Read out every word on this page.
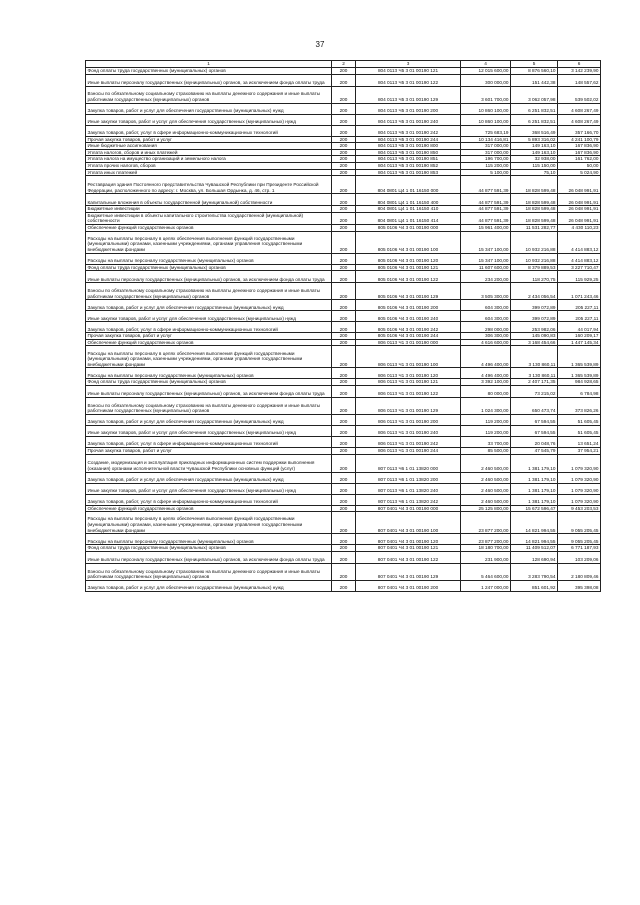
37
1	2	3	4	5	6
Фонд оплаты труда государственных (муниципальных) органов	200	804 0113 Ч5 3 01 00190 121	12 015 600,00	8 876 560,10	3 142 239,90
Иные выплаты персоналу государственных (муниципальных) органов, за исключением фонда оплаты труда	200	804 0113 Ч5 3 01 00190 122	300 000,00	151 442,38	148 557,62
Взносы по обязательному социальному страхованию на выплаты денежного содержания и иные выплаты работникам государственных (муниципальных) органов	200	804 0113 Ч5 3 01 00190 129	3 601 700,00	3 062 057,98	539 502,02
Закупка товаров, работ и услуг для обеспечения государственных (муниципальных) нужд	200	804 0113 Ч5 3 01 00190 200	10 860 100,00	6 251 832,51	4 608 267,49
Иные закупки товаров, работ и услуг для обеспечения государственных (муниципальных) нужд	200	804 0113 Ч5 3 01 00190 240	10 860 100,00	6 251 832,51	4 608 267,49
Закупка товаров, работ, услуг в сфере информационно-коммуникационных технологий	200	804 0113 Ч5 3 01 00190 242	725 683,19	368 516,49	357 166,70
Прочая закупка товаров, работ и услуг	200	804 0113 Ч5 3 01 00190 244	10 134 416,81	5 893 316,02	4 241 100,79
Иные бюджетные ассигнования	200	804 0113 Ч5 3 01 00190 800	317 000,00	149 163,10	167 836,90
Уплата налогов, сборов и иных платежей	200	804 0113 Ч5 3 01 00190 850	317 000,00	149 163,10	167 836,90
Уплата налога на имущество организаций и земельного налога	200	804 0113 Ч5 3 01 00190 851	196 700,00	32 938,00	161 762,00
Уплата прочих налогов, сборов	200	804 0113 Ч5 3 01 00190 852	115 200,00	115 150,00	50,00
Уплата иных платежей	200	804 0113 Ч5 3 01 00190 853	5 100,00	75,10	5 024,90
Реставрация здания Постоянного представительства Чувашской Республики при Президенте Российской Федерации, расположенного по адресу: г. Москва, ул. Большая Ордынка, д. 46, стр. 1	200	804 0801 Ц4 1 01 16150 000	44 877 591,39	18 828 599,48	26 048 991,91
Капитальные вложения в объекты государственной (муниципальной) собственности	200	804 0801 Ц4 1 01 16150 400	44 877 591,39	18 828 599,48	26 048 991,91
Бюджетные инвестиции	200	804 0801 Ц4 1 01 16150 410	44 877 591,39	18 828 599,48	26 048 991,91
Бюджетные инвестиции в объекты капитального строительства государственной (муниципальной) собственности	200	804 0801 Ц4 1 01 16150 414	44 877 591,39	18 828 599,48	26 048 991,91
Обеспечение функций государственных органов	200	805 0106 Ч4 3 01 00190 000	15 961 400,00	11 531 282,77	4 430 110,23
Расходы на выплаты персоналу в целях обеспечения выполнения функций государственными (муниципальными) органами, казенными учреждениями, органами управления государственными внебюджетными фондами	200	805 0106 Ч4 3 01 00190 100	15 347 100,00	10 932 216,88	4 414 883,12
Расходы на выплаты персоналу государственных (муниципальных) органов	200	805 0106 Ч4 3 01 00190 120	15 347 100,00	10 932 216,88	4 414 883,12
Фонд оплаты труда государственных (муниципальных) органов	200	805 0106 Ч4 3 01 00190 121	11 607 600,00	8 379 889,53	3 227 710,47
Иные выплаты персоналу государственных (муниципальных) органов, за исключением фонда оплаты труда	200	805 0106 Ч4 3 01 00190 122	234 200,00	118 270,75	115 929,25
Взносы по обязательному социальному страхованию на выплаты денежного содержания и иные выплаты работникам государственных (муниципальных) органов	200	805 0106 Ч4 3 01 00190 129	3 505 300,00	2 434 056,54	1 071 243,46
Закупка товаров, работ и услуг для обеспечения государственных (муниципальных) нужд	200	805 0106 Ч4 3 01 00190 200	604 300,00	399 072,89	205 227,11
Иные закупки товаров, работ и услуг для обеспечения государственных (муниципальных) нужд	200	805 0106 Ч4 3 01 00190 240	604 300,00	399 072,89	205 227,11
Закупка товаров, работ, услуг в сфере информационно-коммуникационных технологий	200	805 0106 Ч4 3 01 00190 242	298 000,00	253 982,06	44 017,94
Прочая закупка товаров, работ и услуг	200	805 0106 Ч4 3 01 00190 244	306 300,00	145 090,83	160 209,17
Обеспечение функций государственных органов	200	806 0113 Ч1 3 01 00190 000	4 616 600,00	3 168 454,66	1 447 145,34
Расходы на выплаты персоналу в целях обеспечения выполнения функций государственными (муниципальными) органами, казенными учреждениями, органами управления государственными внебюджетными фондами	200	806 0113 Ч1 3 01 00190 100	4 496 400,00	3 130 860,11	1 365 539,89
Расходы на выплаты персоналу государственных (муниципальных) органов	200	806 0113 Ч1 3 01 00190 120	4 496 400,00	3 130 860,11	1 365 539,89
Фонд оплаты труда государственных (муниципальных) органов	200	806 0113 Ч1 3 01 00190 121	3 392 100,00	2 407 171,35	984 928,65
Иные выплаты персоналу государственных (муниципальных) органов, за исключением фонда оплаты труда	200	806 0113 Ч1 3 01 00190 122	80 000,00	73 215,02	6 784,98
Взносы по обязательному социальному страхованию на выплаты денежного содержания и иные выплаты работникам государственных (муниципальных) органов	200	806 0113 Ч1 3 01 00190 129	1 024 300,00	650 473,74	373 826,26
Закупка товаров, работ и услуг для обеспечения государственных (муниципальных) нужд	200	806 0113 Ч1 3 01 00190 200	119 200,00	67 594,55	51 605,45
Иные закупки товаров, работ и услуг для обеспечения государственных (муниципальных) нужд	200	806 0113 Ч1 3 01 00190 240	119 200,00	67 594,55	51 605,45
Закупка товаров, работ, услуг в сфере информационно-коммуникационных технологий	200	806 0113 Ч1 3 01 00190 242	33 700,00	20 048,76	13 651,24
Прочая закупка товаров, работ и услуг	200	806 0113 Ч1 3 01 00190 244	85 500,00	47 545,79	37 954,21
Создание, модернизация и эксплуатация прикладных информационных систем поддержки выполнения (оказания) органами исполнительной власти Чувашской Республики основных функций (услуг)	200	807 0113 Ч6 1 01 13820 000	2 460 500,00	1 381 179,10	1 079 320,90
Закупка товаров, работ и услуг для обеспечения государственных (муниципальных) нужд	200	807 0113 Ч6 1 01 13820 200	2 460 500,00	1 381 179,10	1 079 320,90
Иные закупки товаров, работ и услуг для обеспечения государственных (муниципальных) нужд	200	807 0113 Ч6 1 01 13820 240	2 460 500,00	1 381 179,10	1 079 320,90
Закупка товаров, работ, услуг в сфере информационно-коммуникационных технологий	200	807 0113 Ч6 1 01 13820 242	2 460 500,00	1 381 179,10	1 079 320,90
Обеспечение функций государственных органов	200	807 0401 Ч4 3 01 00190 000	25 125 800,00	15 672 596,47	9 453 203,53
Расходы на выплаты персоналу в целях обеспечения выполнения функций государственными (муниципальными) органами, казенными учреждениями, органами управления государственными внебюджетными фондами	200	807 0401 Ч4 3 01 00190 100	23 877 200,00	14 821 994,55	9 055 205,45
Расходы на выплаты персоналу государственных (муниципальных) органов	200	807 0401 Ч4 3 01 00190 120	23 877 200,00	14 821 994,55	9 055 205,45
Фонд оплаты труда государственных (муниципальных) органов	200	807 0401 Ч4 3 01 00190 121	18 180 700,00	11 409 512,07	6 771 187,93
Иные выплаты персоналу государственных (муниципальных) органов, за исключением фонда оплаты труда	200	807 0401 Ч4 3 01 00190 122	231 900,00	128 690,94	103 209,06
Взносы по обязательному социальному страхованию на выплаты денежного содержания и иные выплаты работникам государственных (муниципальных) органов	200	807 0401 Ч4 3 01 00190 129	5 464 600,00	3 283 790,54	2 180 809,46
Закупка товаров, работ и услуг для обеспечения государственных (муниципальных) нужд	200	807 0401 Ч4 3 01 00190 200	1 247 000,00	851 601,92	395 398,08
